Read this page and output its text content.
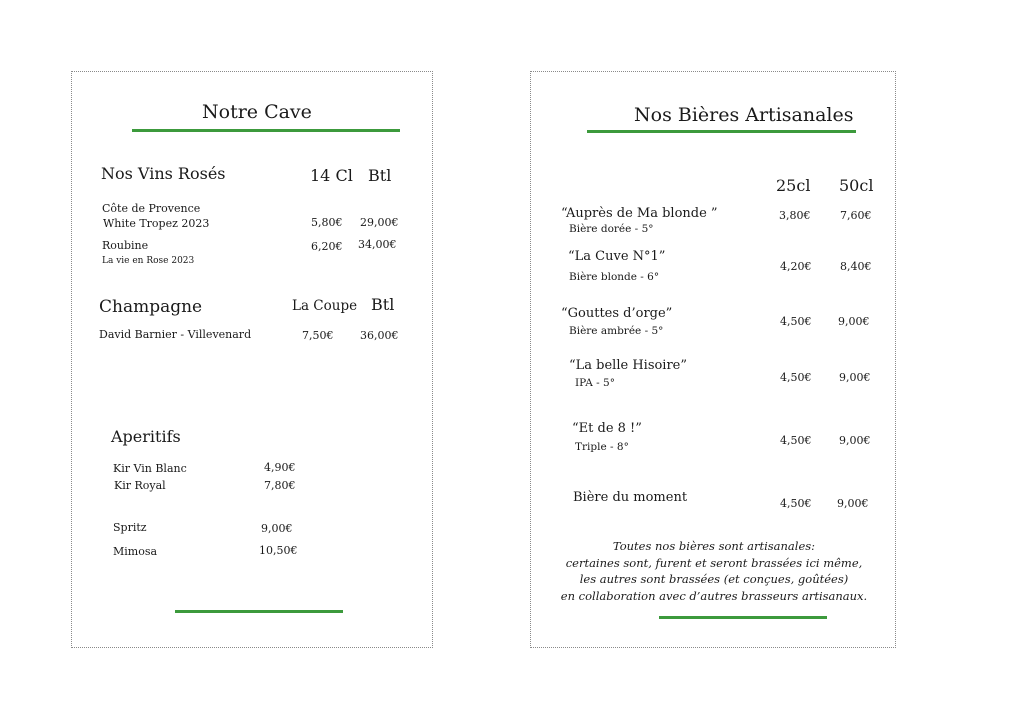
Notre Cave
Nos Vins Rosés	14 Cl Btl
Côte de Provence
White Tropez 2023	5,80€ 29,00€
Roubine
La vie en Rose 2023
6,20€ 34,00€
Champagne	La Coupe Btl
David Barnier - Villevenard	7,50€ 36,00€
Aperitifs
Kir Vin Blanc	4,90€
Kir Royal	7,80€
Spritz	9,00€
Mimosa	10,50€
Nos Bières Artisanales
25cl 50cl
“Auprès de Ma blonde ”
Bière dorée - 5°
3,80€	7,60€
“La Cuve N°1”
Bière blonde - 6°
4,20€	8,40€
“Gouttes d’orge”
Bière ambrée - 5°
4,50€ 9,00€
“La belle Hisoire”
IPA - 5°	4,50€	9,00€
“Et de 8 !”
Triple - 8°	4,50€	9,00€
Bière du moment	4,50€ 9,00€
Toutes nos bières sont artisanales:
certaines sont, furent et seront brassées ici même,
les autres sont brassées (et conçues, goûtées)
en collaboration avec d’autres brasseurs artisanaux.
